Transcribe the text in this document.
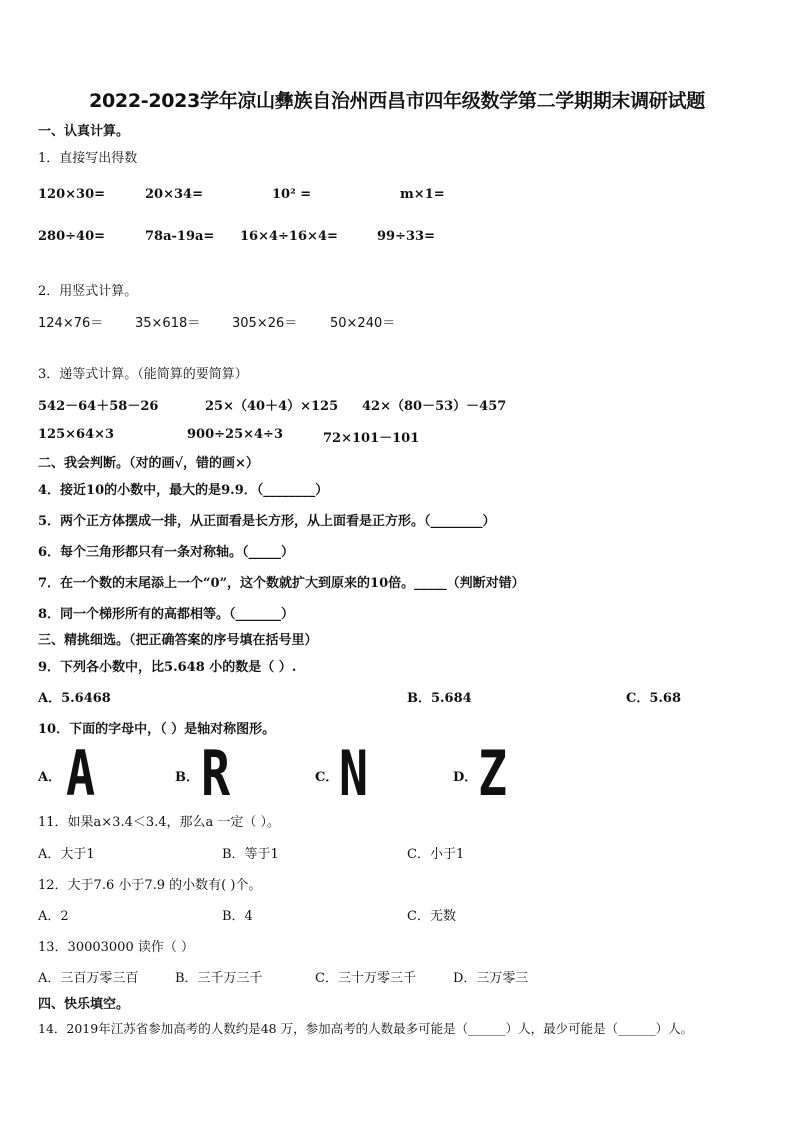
2022-2023学年凉山彝族自治州西昌市四年级数学第二学期期末调研试题
一、认真计算。
1．直接写出得数
120×30=	20×34=	10² =	m×1=
280÷40=	78a-19a= 16×4÷16×4=	99÷33=
2．用竖式计算。
124×76＝ 35×618＝ 305×26＝	50×240＝
3．递等式计算。（能简算的要简算）
542－64＋58－26	25×（40＋4）×125 42×（80－53）－457
125×64×3	900÷25×4÷3	72×101－101
二、我会判断。（对的画√，错的画×）
4．接近10的小数中，最大的是9.9．（________）
5．两个正方体摆成一排，从正面看是长方形，从上面看是正方形。（________）
6．每个三角形都只有一条对称轴。（_____）
7．在一个数的末尾添上一个“0”，这个数就扩大到原来的10倍。_____（判断对错）
8．同一个梯形所有的高都相等。（_______）
三、精挑细选。（把正确答案的序号填在括号里）
9．下列各小数中，比5.648 小的数是（ ）.
A．5.6468	B．5.684	C．5.68
10．下面的字母中，（ ）是轴对称图形。
A． A	B． R	C． N	D． Z
11．如果a×3.4＜3.4，那么a 一定（ ）。
A．大于1	B．等于1	C．小于1
12．大于7.6 小于7.9 的小数有( )个。
A．2	B．4	C．无数
13．30003000 读作（ ）
A．三百万零三百	B．三千万三千	C．三十万零三千	D．三万零三
四、快乐填空。
14．2019年江苏省参加高考的人数约是48 万，参加高考的人数最多可能是（______）人，最少可能是（______）人。
